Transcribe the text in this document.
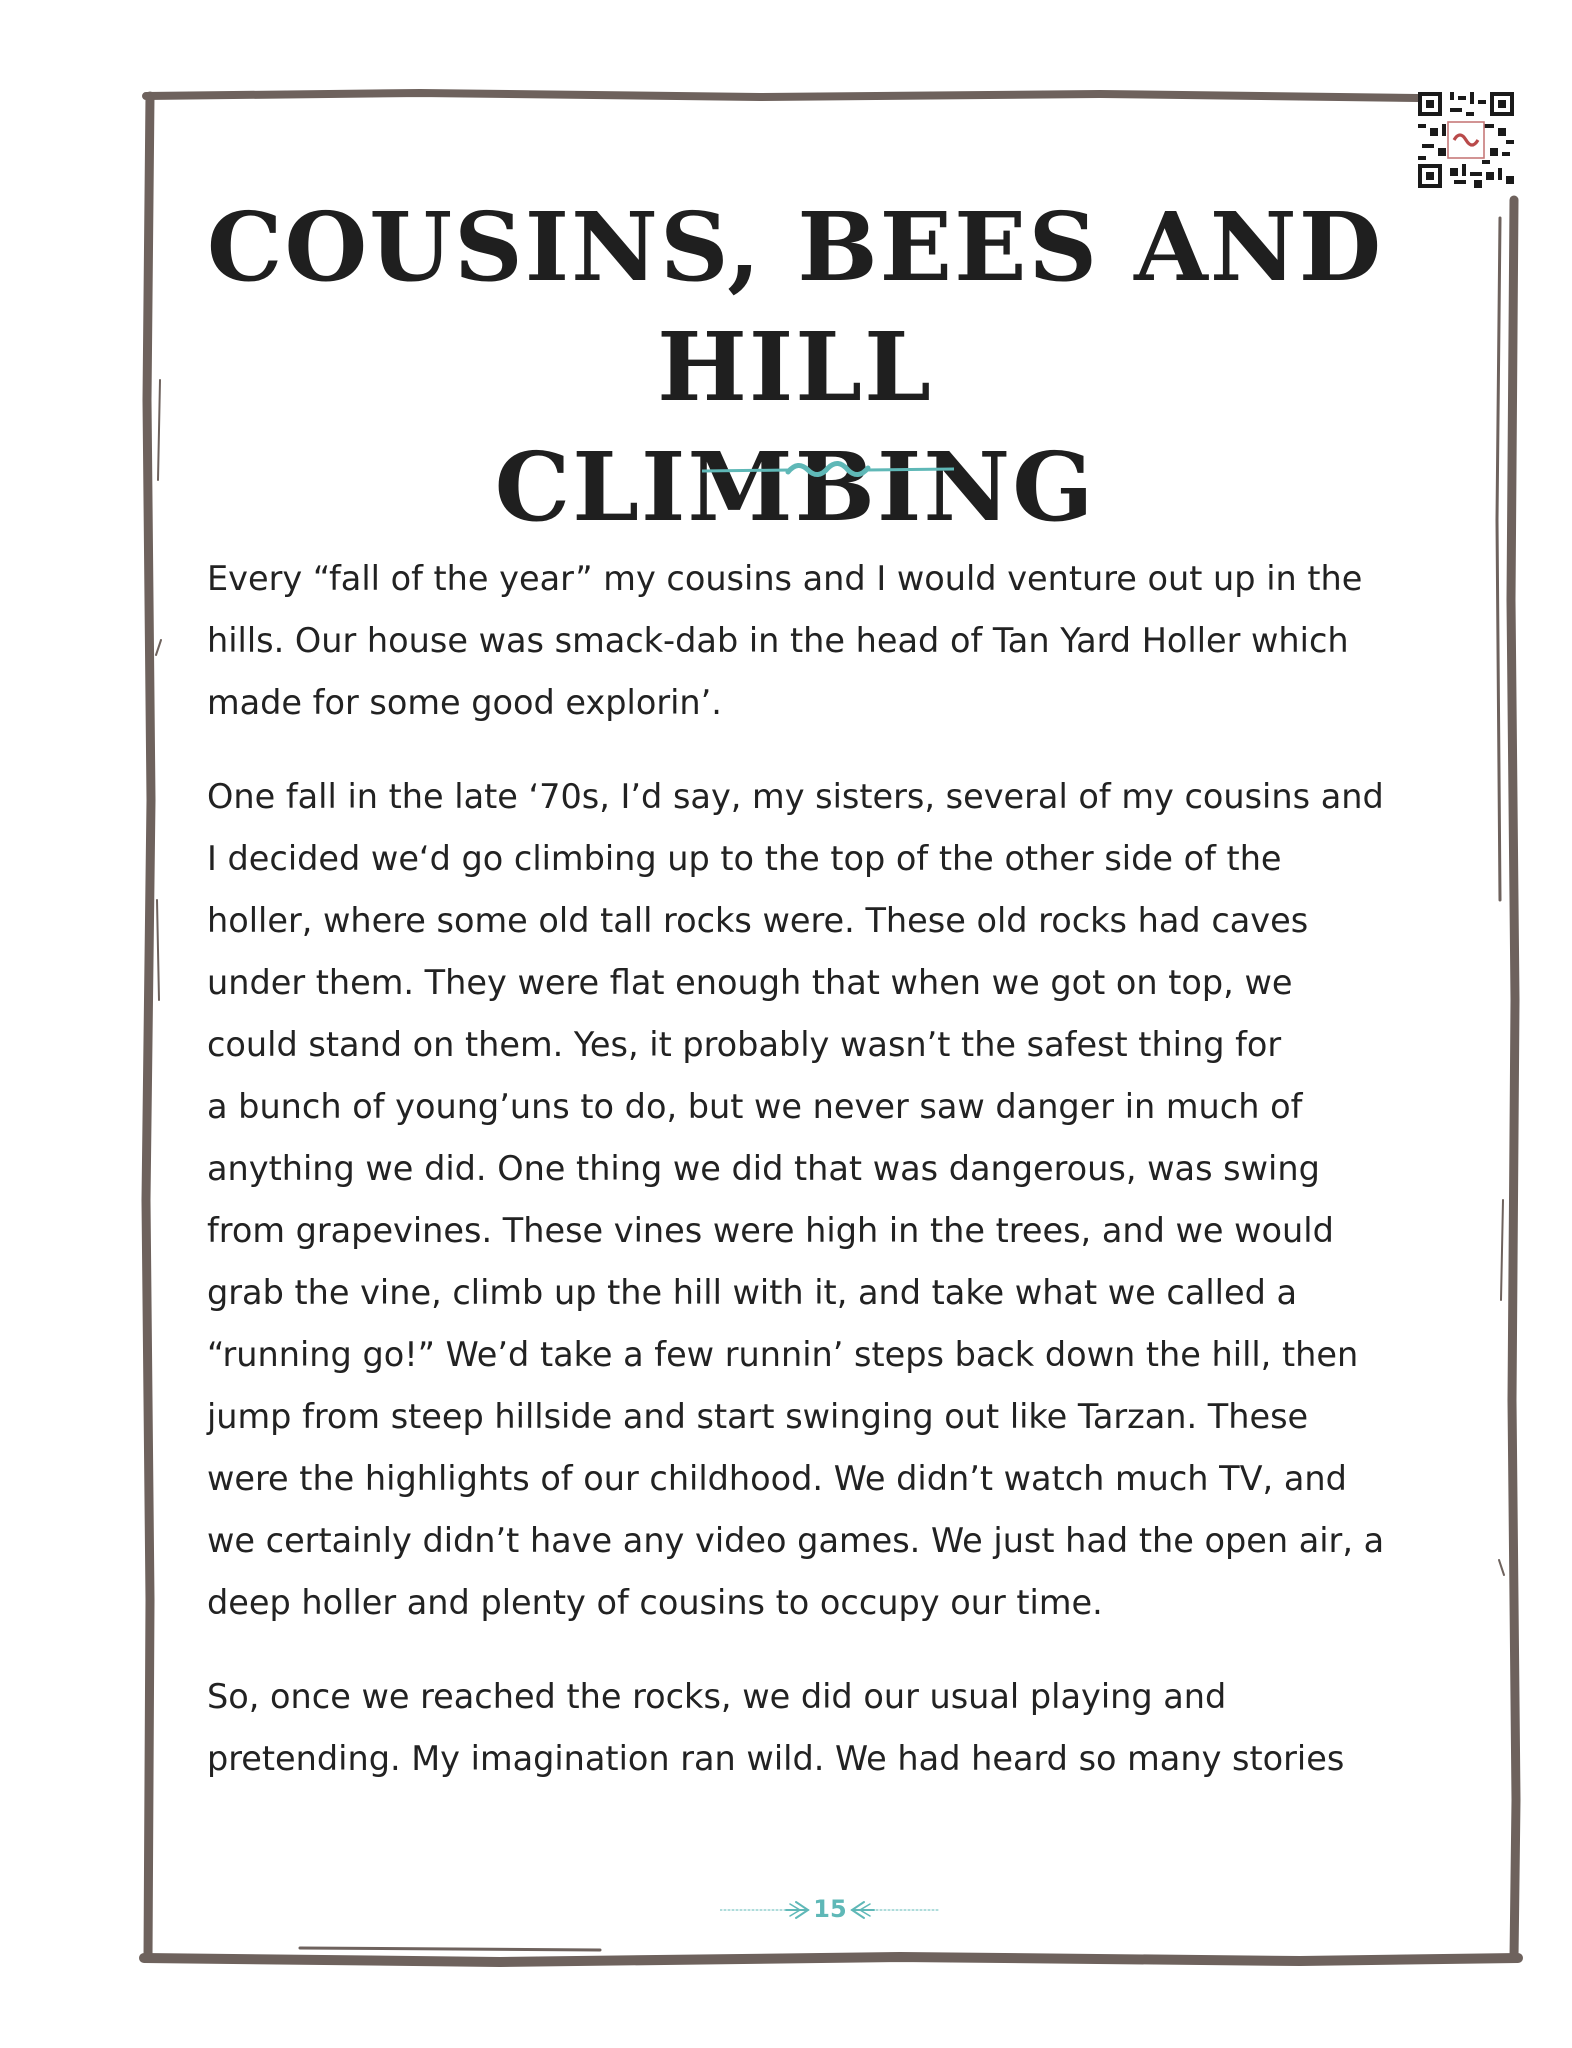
COUSINS, BEES AND HILL
CLIMBING

Every “fall of the year” my cousins and I would venture out up in the
hills. Our house was smack-dab in the head of Tan Yard Holler which
made for some good explorin’.

One fall in the late ‘70s, I’d say, my sisters, several of my cousins and
I decided we‘d go climbing up to the top of the other side of the
holler, where some old tall rocks were. These old rocks had caves
under them. They were flat enough that when we got on top, we
could stand on them. Yes, it probably wasn’t the safest thing for
a bunch of young’uns to do, but we never saw danger in much of
anything we did. One thing we did that was dangerous, was swing
from grapevines. These vines were high in the trees, and we would
grab the vine, climb up the hill with it, and take what we called a
“running go!” We’d take a few runnin’ steps back down the hill, then
jump from steep hillside and start swinging out like Tarzan. These
were the highlights of our childhood. We didn’t watch much TV, and
we certainly didn’t have any video games. We just had the open air, a
deep holler and plenty of cousins to occupy our time.

So, once we reached the rocks, we did our usual playing and
pretending. My imagination ran wild. We had heard so many stories

15
